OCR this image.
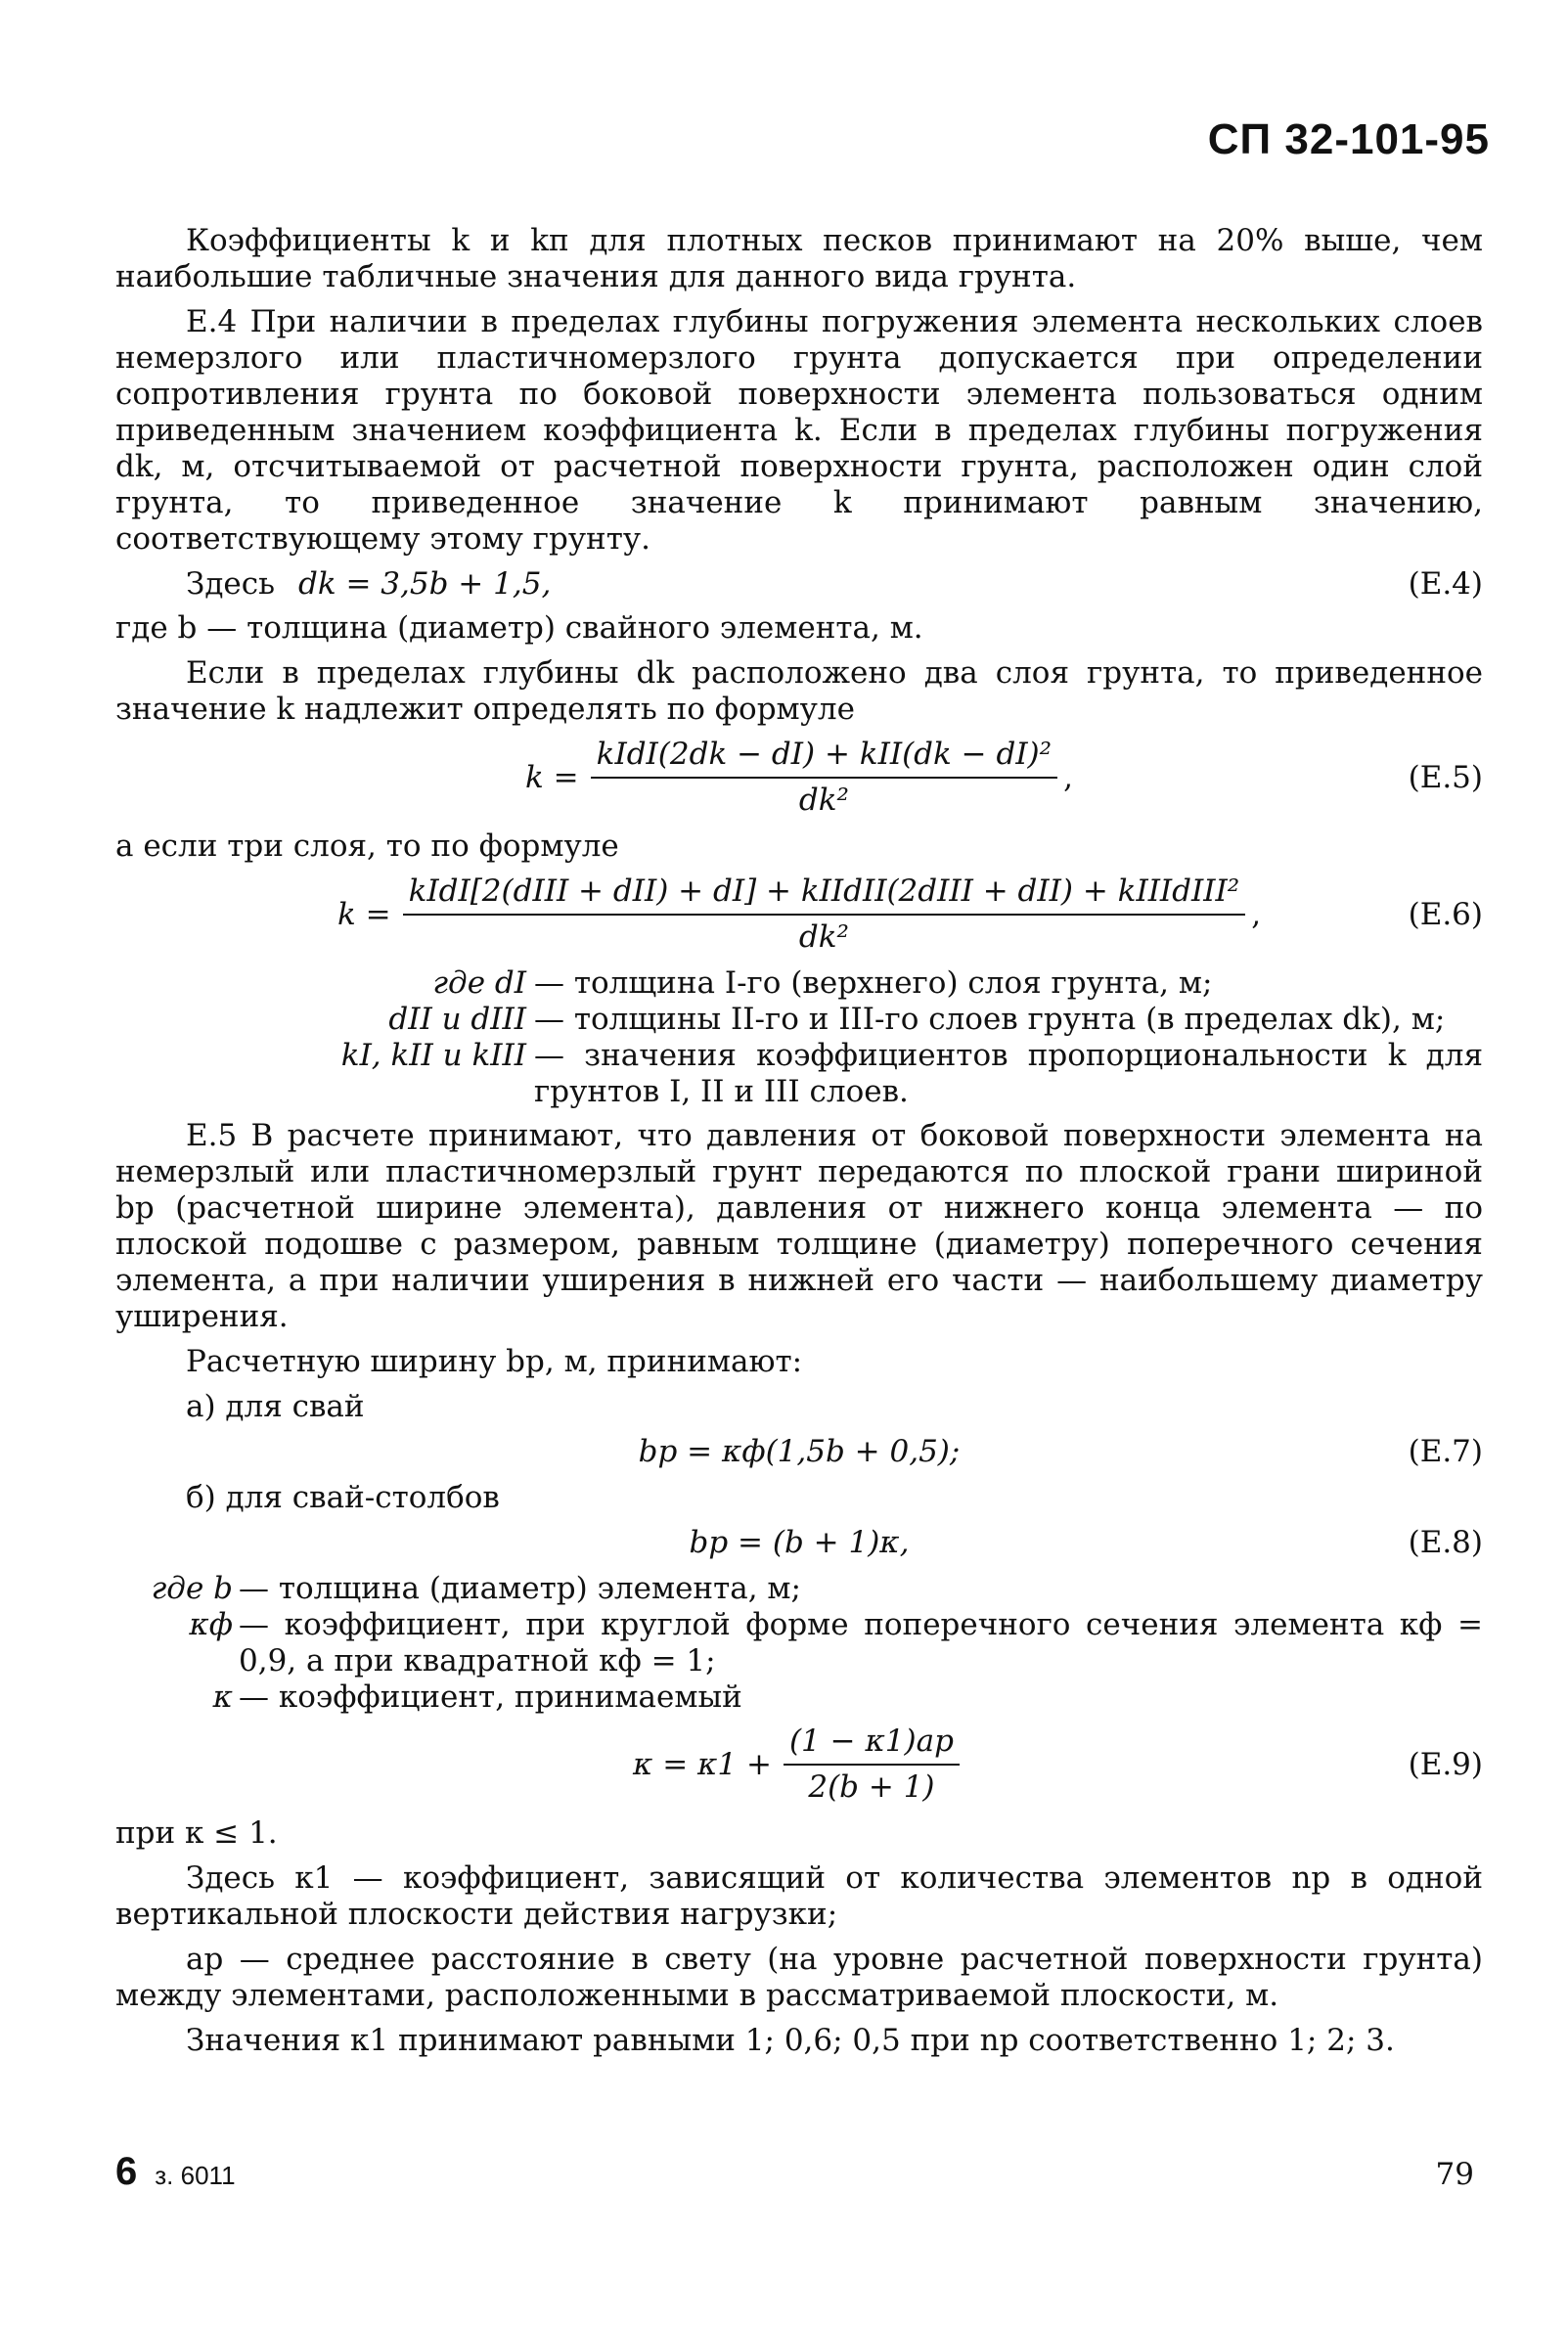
СП 32-101-95

Коэффициенты k и kп для плотных песков принимают на 20% выше, чем наибольшие табличные значения для данного вида грунта.

Е.4 При наличии в пределах глубины погружения элемента нескольких слоев немерзлого или пластичномерзлого грунта допускается при определении сопротивления грунта по боковой поверхности элемента пользоваться одним приведенным значением коэффициента k. Если в пределах глубины погружения dk, м, отсчитываемой от расчетной поверхности грунта, расположен один слой грунта, то приведенное значение k принимают равным значению, соответствующему этому грунту.

Здесь dk = 3,5b + 1,5,	(Е.4)

где b — толщина (диаметр) свайного элемента, м.

Если в пределах глубины dk расположено два слоя грунта, то приведенное значение k надлежит определять по формуле

$k = \frac{\text{kIdI(2dk − dI) + kII(dk − dI)²}}{\text{dk²}}$ ,	(Е.5)

а если три слоя, то по формуле

$k = \frac{\text{kIdI[2(dIII + dII) + dI] + kIIdII(2dIII + dII) + kIIIdIII²}}{\text{dk²}}$ ,	(Е.6)
где dI — толщина I-го (верхнего) слоя грунта, м;
dII и dIII — толщины II-го и III-го слоев грунта (в пределах dk), м;
kI, kII и kIII — значения коэффициентов пропорциональности k для грунтов I, II и III слоев.

Е.5 В расчете принимают, что давления от боковой поверхности элемента на немерзлый или пластичномерзлый грунт передаются по плоской грани шириной bp (расчетной ширине элемента), давления от нижнего конца элемента — по плоской подошве с размером, равным толщине (диаметру) поперечного сечения элемента, а при наличии уширения в нижней его части — наибольшему диаметру уширения.

Расчетную ширину bp, м, принимают:

а) для свай

bp = κф(1,5b + 0,5);	(Е.7)

б) для свай-столбов

bp = (b + 1)κ,	(Е.8)
где b — толщина (диаметр) элемента, м;
κф — коэффициент, при круглой форме поперечного сечения элемента κф = 0,9, а при квадратной κф = 1;
κ — коэффициент, принимаемый
$\kappa = \kappa 1 + \frac{(1 - \kappa 1)ap}{2(b + 1)}$	(Е.9)

при κ ≤ 1.

Здесь κ1 — коэффициент, зависящий от количества элементов np в одной вертикальной плоскости действия нагрузки;

ap — среднее расстояние в свету (на уровне расчетной поверхности грунта) между элементами, расположенными в рассматриваемой плоскости, м.

Значения κ1 принимают равными 1; 0,6; 0,5 при np соответственно 1; 2; 3.

6 з. 6011	79
